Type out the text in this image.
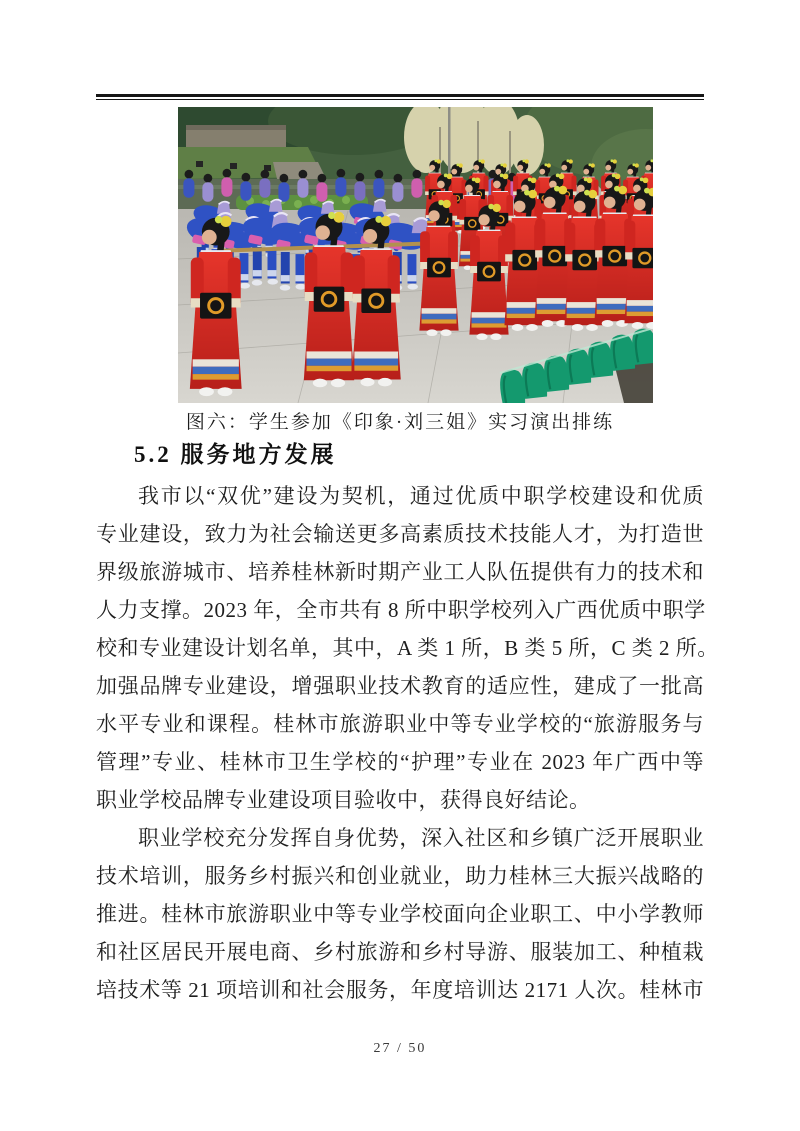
图六：学生参加《印象·刘三姐》实习演出排练
5.2 服务地方发展
我市以“双优”建设为契机，通过优质中职学校建设和优质
专业建设，致力为社会输送更多高素质技术技能人才，为打造世
界级旅游城市、培养桂林新时期产业工人队伍提供有力的技术和
人力支撑。2023 年，全市共有 8 所中职学校列入广西优质中职学
校和专业建设计划名单，其中，A 类 1 所，B 类 5 所，C 类 2 所。
加强品牌专业建设，增强职业技术教育的适应性，建成了一批高
水平专业和课程。桂林市旅游职业中等专业学校的“旅游服务与
管理”专业、桂林市卫生学校的“护理”专业在 2023 年广西中等
职业学校品牌专业建设项目验收中，获得良好结论。
职业学校充分发挥自身优势，深入社区和乡镇广泛开展职业
技术培训，服务乡村振兴和创业就业，助力桂林三大振兴战略的
推进。桂林市旅游职业中等专业学校面向企业职工、中小学教师
和社区居民开展电商、乡村旅游和乡村导游、服装加工、种植栽
培技术等 21 项培训和社会服务，年度培训达 2171 人次。桂林市
27 / 50
